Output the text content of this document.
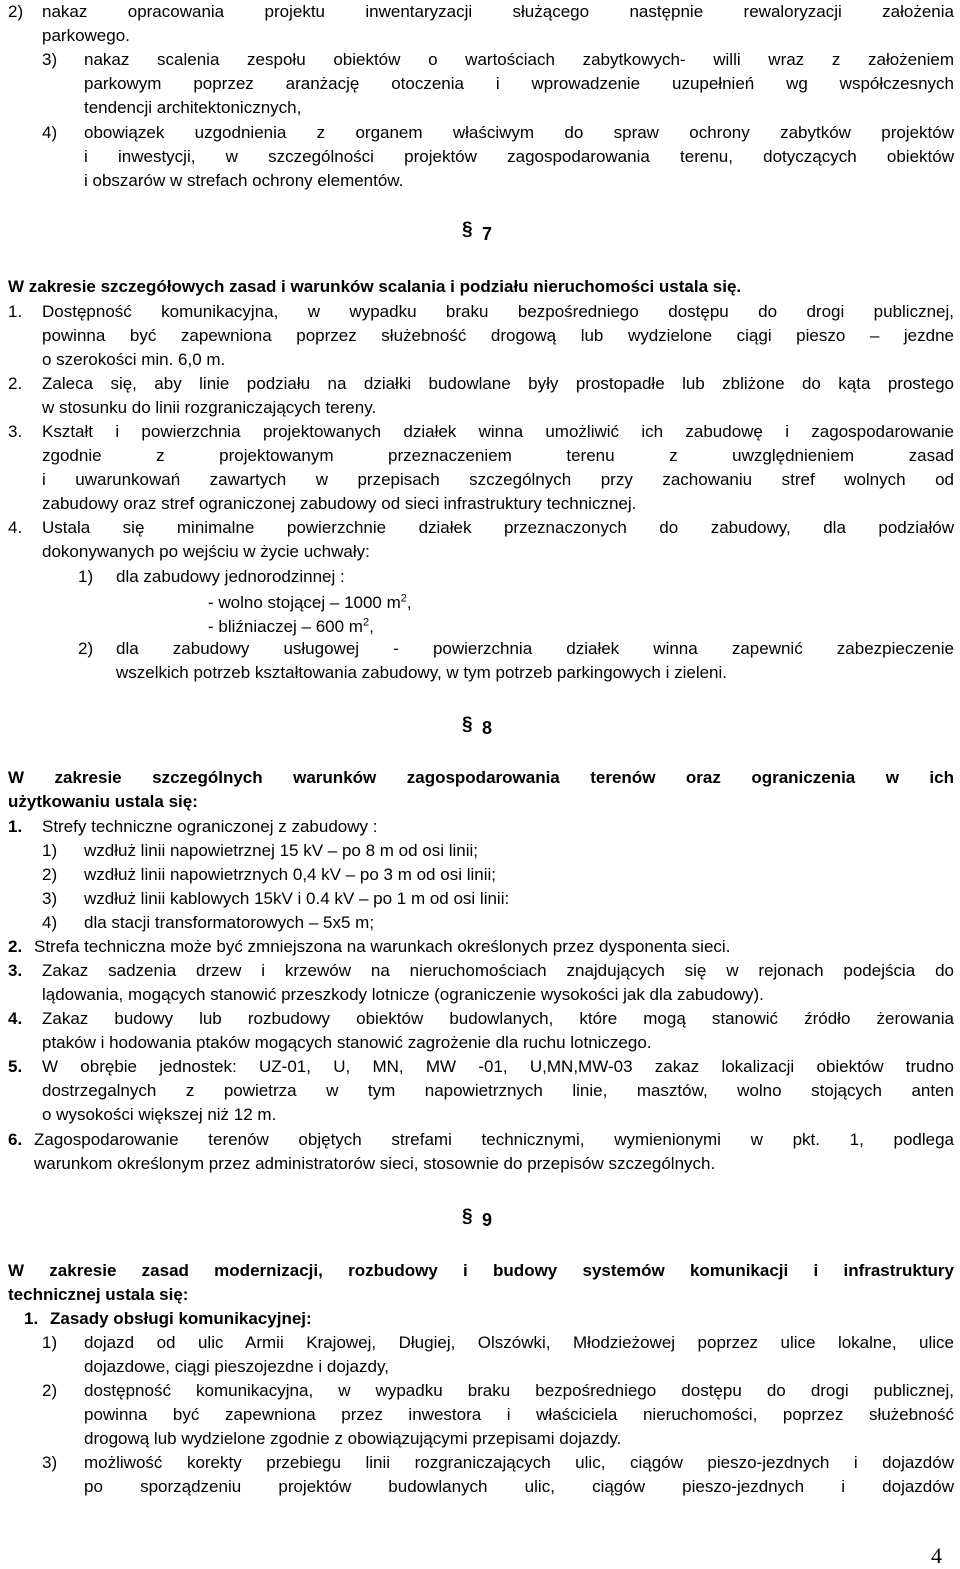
2) nakaz opracowania projektu inwentaryzacji służącego następnie rewaloryzacji założenia
parkowego.
3) nakaz scalenia zespołu obiektów o wartościach zabytkowych- willi wraz z założeniem
parkowym poprzez aranżację otoczenia i wprowadzenie uzupełnień wg współczesnych
tendencji architektonicznych,
4) obowiązek uzgodnienia z organem właściwym do spraw ochrony zabytków projektów
i inwestycji, w szczególności projektów zagospodarowania terenu, dotyczących obiektów
i obszarów w strefach ochrony elementów.
§ 7
W zakresie szczegółowych zasad i warunków scalania i podziału nieruchomości ustala się.
1. Dostępność komunikacyjna, w wypadku braku bezpośredniego dostępu do drogi publicznej,
powinna być zapewniona poprzez służebność drogową lub wydzielone ciągi pieszo – jezdne
o szerokości min. 6,0 m.
2. Zaleca się, aby linie podziału na działki budowlane były prostopadłe lub zbliżone do kąta prostego
w stosunku do linii rozgraniczających tereny.
3. Kształt i powierzchnia projektowanych działek winna umożliwić ich zabudowę i zagospodarowanie
zgodnie z projektowanym przeznaczeniem terenu z uwzględnieniem zasad
i uwarunkowań zawartych w przepisach szczególnych przy zachowaniu stref wolnych od
zabudowy oraz stref ograniczonej zabudowy od sieci infrastruktury technicznej.
4. Ustala się minimalne powierzchnie działek przeznaczonych do zabudowy, dla podziałów
dokonywanych po wejściu w życie uchwały:
1) dla zabudowy jednorodzinnej :
- wolno stojącej – 1000 $m^2$,
- bliźniaczej – 600 $m^2$,
2) dla zabudowy usługowej - powierzchnia działek winna zapewnić zabezpieczenie
wszelkich potrzeb kształtowania zabudowy, w tym potrzeb parkingowych i zieleni.
§ 8
W zakresie szczególnych warunków zagospodarowania terenów oraz ograniczenia w ich
użytkowaniu ustala się:
1. Strefy techniczne ograniczonej z zabudowy :
1) wzdłuż linii napowietrznej 15 kV – po 8 m od osi linii;
2) wzdłuż linii napowietrznych 0,4 kV – po 3 m od osi linii;
3) wzdłuż linii kablowych 15kV i 0.4 kV – po 1 m od osi linii:
4) dla stacji transformatorowych – 5x5 m;
2. Strefa techniczna może być zmniejszona na warunkach określonych przez dysponenta sieci.
3. Zakaz sadzenia drzew i krzewów na nieruchomościach znajdujących się w rejonach podejścia do
lądowania, mogących stanowić przeszkody lotnicze (ograniczenie wysokości jak dla zabudowy).
4. Zakaz budowy lub rozbudowy obiektów budowlanych, które mogą stanowić źródło żerowania
ptaków i hodowania ptaków mogących stanowić zagrożenie dla ruchu lotniczego.
5. W obrębie jednostek: UZ-01, U, MN, MW -01, U,MN,MW-03 zakaz lokalizacji obiektów trudno
dostrzegalnych z powietrza w tym napowietrznych linie, masztów, wolno stojących anten
o wysokości większej niż 12 m.
6. Zagospodarowanie terenów objętych strefami technicznymi, wymienionymi w pkt. 1, podlega
warunkom określonym przez administratorów sieci, stosownie do przepisów szczególnych.
§ 9
W zakresie zasad modernizacji, rozbudowy i budowy systemów komunikacji i infrastruktury
technicznej ustala się:
1. Zasady obsługi komunikacyjnej:
1) dojazd od ulic Armii Krajowej, Długiej, Olszówki, Młodzieżowej poprzez ulice lokalne, ulice
dojazdowe, ciągi pieszojezdne i dojazdy,
2) dostępność komunikacyjna, w wypadku braku bezpośredniego dostępu do drogi publicznej,
powinna być zapewniona przez inwestora i właściciela nieruchomości, poprzez służebność
drogową lub wydzielone zgodnie z obowiązującymi przepisami dojazdy.
3) możliwość korekty przebiegu linii rozgraniczających ulic, ciągów pieszo-jezdnych i dojazdów
po sporządzeniu projektów budowlanych ulic, ciągów pieszo-jezdnych i dojazdów
4
